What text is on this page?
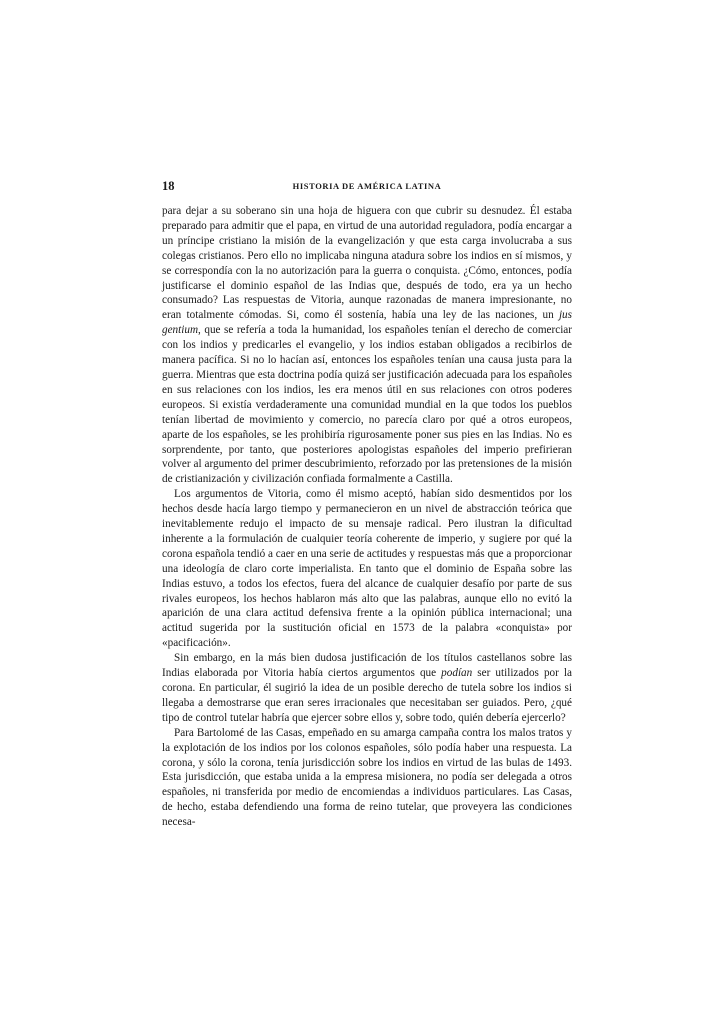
18	HISTORIA DE AMÉRICA LATINA

para dejar a su soberano sin una hoja de higuera con que cubrir su desnudez. Él estaba preparado para admitir que el papa, en virtud de una autoridad reguladora, podía encargar a un príncipe cristiano la misión de la evangelización y que esta carga involucraba a sus colegas cristianos. Pero ello no implicaba ninguna atadura sobre los indios en sí mismos, y se correspondía con la no autorización para la guerra o conquista. ¿Cómo, entonces, podía justificarse el dominio español de las Indias que, después de todo, era ya un hecho consumado? Las respuestas de Vitoria, aunque razonadas de manera impresionante, no eran totalmente cómodas. Si, como él sostenía, había una ley de las naciones, un jus gentium, que se refería a toda la humanidad, los españoles tenían el derecho de comerciar con los indios y predicarles el evangelio, y los indios estaban obligados a recibirlos de manera pacífica. Si no lo hacían así, entonces los españoles tenían una causa justa para la guerra. Mientras que esta doctrina podía quizá ser justificación adecuada para los españoles en sus relaciones con los indios, les era menos útil en sus relaciones con otros poderes europeos. Si existía verdaderamente una comunidad mundial en la que todos los pueblos tenían libertad de movimiento y comercio, no parecía claro por qué a otros europeos, aparte de los españoles, se les prohibiría rigurosamente poner sus pies en las Indias. No es sorprendente, por tanto, que posteriores apologistas españoles del imperio prefirieran volver al argumento del primer descubrimiento, reforzado por las pretensiones de la misión de cristianización y civilización confiada formalmente a Castilla.

Los argumentos de Vitoria, como él mismo aceptó, habían sido desmentidos por los hechos desde hacía largo tiempo y permanecieron en un nivel de abstracción teórica que inevitablemente redujo el impacto de su mensaje radical. Pero ilustran la dificultad inherente a la formulación de cualquier teoría coherente de imperio, y sugiere por qué la corona española tendió a caer en una serie de actitudes y respuestas más que a proporcionar una ideología de claro corte imperialista. En tanto que el dominio de España sobre las Indias estuvo, a todos los efectos, fuera del alcance de cualquier desafío por parte de sus rivales europeos, los hechos hablaron más alto que las palabras, aunque ello no evitó la aparición de una clara actitud defensiva frente a la opinión pública internacional; una actitud sugerida por la sustitución oficial en 1573 de la palabra «conquista» por «pacificación».

Sin embargo, en la más bien dudosa justificación de los títulos castellanos sobre las Indias elaborada por Vitoria había ciertos argumentos que podían ser utilizados por la corona. En particular, él sugirió la idea de un posible derecho de tutela sobre los indios si llegaba a demostrarse que eran seres irracionales que necesitaban ser guiados. Pero, ¿qué tipo de control tutelar habría que ejercer sobre ellos y, sobre todo, quién debería ejercerlo?

Para Bartolomé de las Casas, empeñado en su amarga campaña contra los malos tratos y la explotación de los indios por los colonos españoles, sólo podía haber una respuesta. La corona, y sólo la corona, tenía jurisdicción sobre los indios en virtud de las bulas de 1493. Esta jurisdicción, que estaba unida a la empresa misionera, no podía ser delegada a otros españoles, ni transferida por medio de encomiendas a individuos particulares. Las Casas, de hecho, estaba defendiendo una forma de reino tutelar, que proveyera las condiciones necesa-
